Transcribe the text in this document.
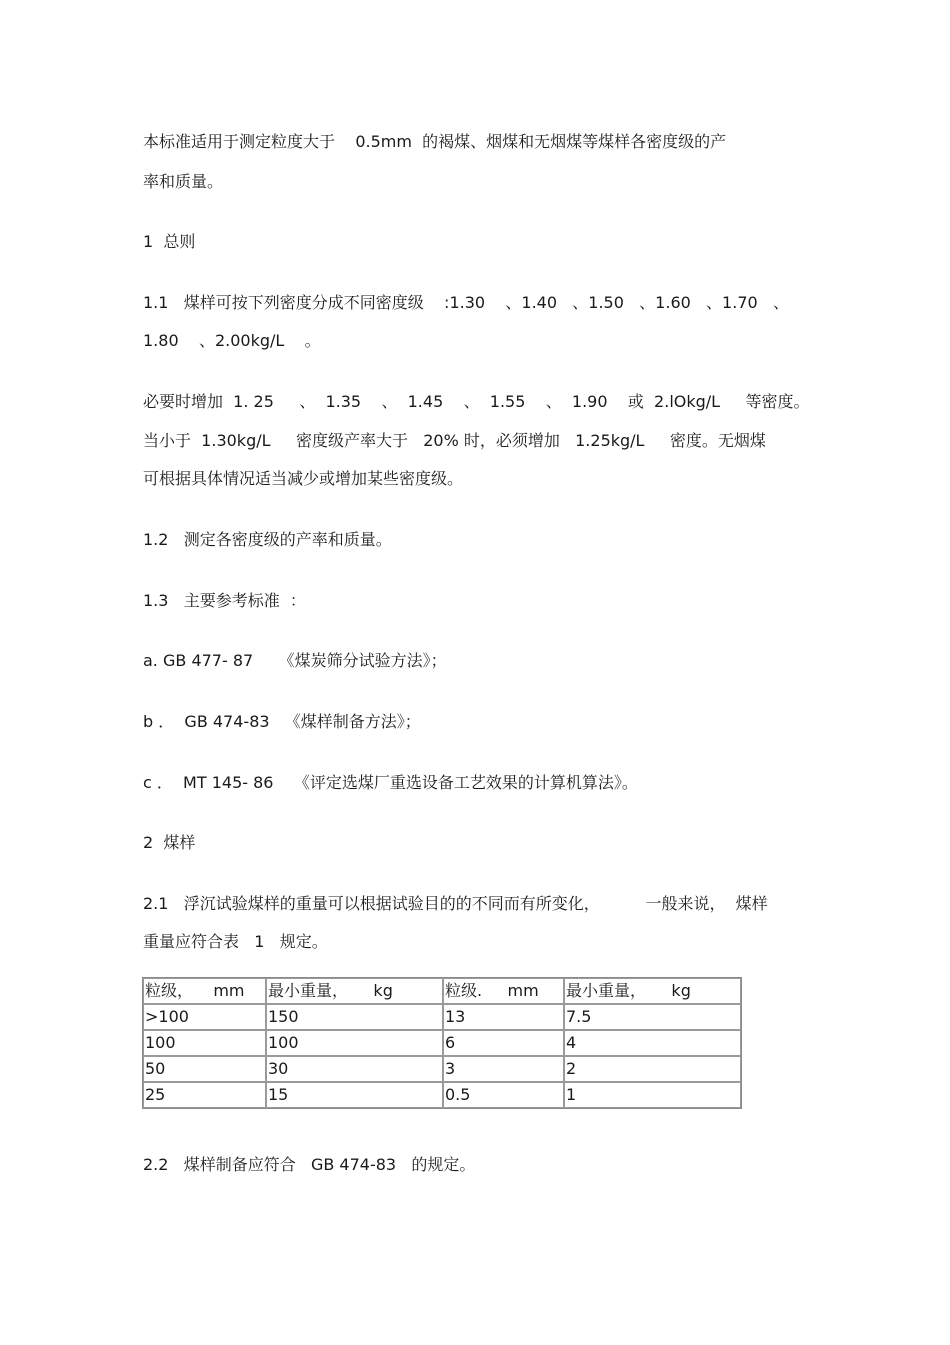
本标准适用于测定粒度大于    0.5mm  的褐煤、烟煤和无烟煤等煤样各密度级的产
率和质量。
1  总则
1.1   煤样可按下列密度分成不同密度级    :1.30    、1.40   、1.50   、1.60   、1.70   、
1.80    、2.00kg/L    。
必要时增加  1. 25     、  1.35    、  1.45    、  1.55    、  1.90    或  2.lOkg/L     等密度。
当小于  1.30kg/L     密度级产率大于   20% 时，必须增加   1.25kg/L     密度。无烟煤
可根据具体情况适当减少或增加某些密度级。
1.2   测定各密度级的产率和质量。
1.3   主要参考标准  ：
a. GB 477- 87     《煤炭筛分试验方法》；
b ．  GB 474-83   《煤样制备方法》；
c ．  MT 145- 86    《评定选煤厂重选设备工艺效果的计算机算法》。
2  煤样
2.1   浮沉试验煤样的重量可以根据试验目的的不同而有所变化，         一般来说，  煤样
重量应符合表   1   规定。
粒级，    mm	最小重量，     kg	粒级.     mm	最小重量，     kg
>100	150	13	7.5
100	100	6	4
50	30	3	2
25	15	0.5	1
2.2   煤样制备应符合   GB 474-83   的规定。
